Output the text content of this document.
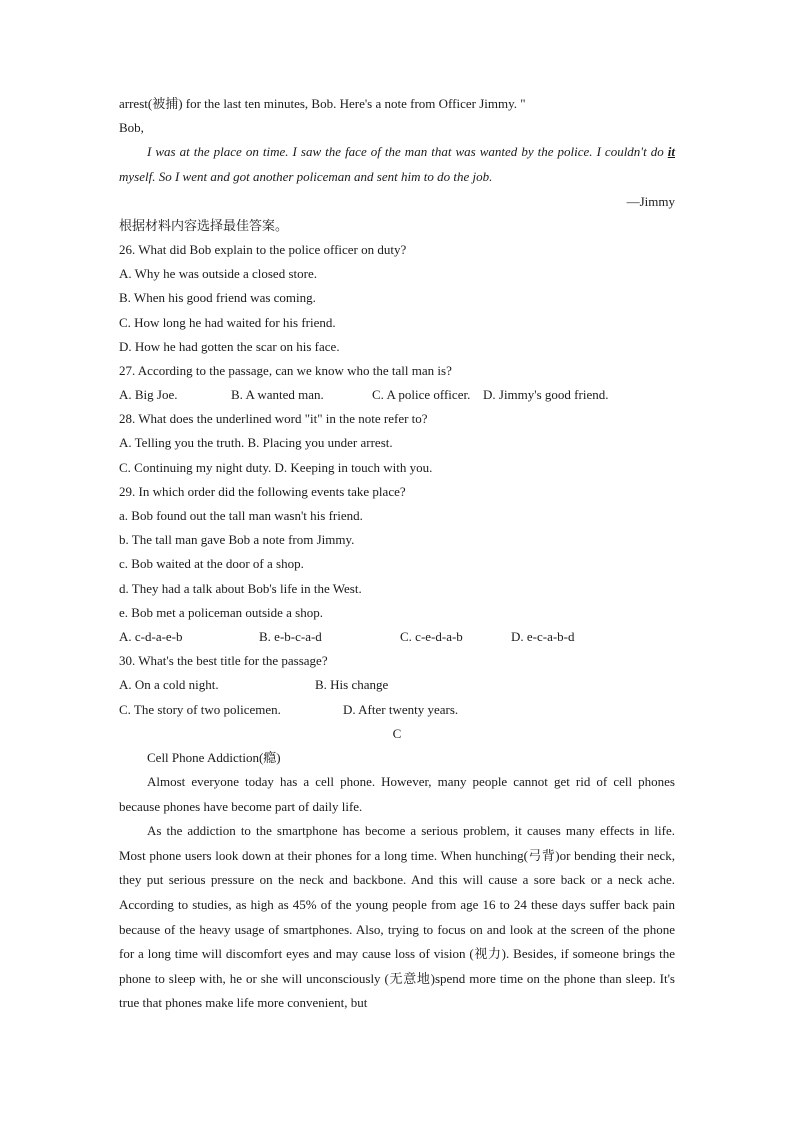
arrest(被捕) for the last ten minutes, Bob. Here's a note from Officer Jimmy. "
Bob,
I was at the place on time. I saw the face of the man that was wanted by the police. I couldn't do it myself. So I went and got another policeman and sent him to do the job.
—Jimmy
根据材料内容选择最佳答案。
26. What did Bob explain to the police officer on duty?
A. Why he was outside a closed store.
B. When his good friend was coming.
C. How long he had waited for his friend.
D. How he had gotten the scar on his face.
27. According to the passage, can we know who the tall man is?
A. Big Joe.	B. A wanted man.	C. A police officer. D. Jimmy's good friend.
28. What does the underlined word "it" in the note refer to?
A. Telling you the truth. B. Placing you under arrest.
C. Continuing my night duty. D. Keeping in touch with you.
29. In which order did the following events take place?
a. Bob found out the tall man wasn't his friend.
b. The tall man gave Bob a note from Jimmy.
c. Bob waited at the door of a shop.
d. They had a talk about Bob's life in the West.
e. Bob met a policeman outside a shop.
A. c-d-a-e-b	B. e-b-c-a-d	C. c-e-d-a-b	D. e-c-a-b-d
30. What's the best title for the passage?
A. On a cold night.	B. His change
C. The story of two policemen.	D. After twenty years.
C
Cell Phone Addiction(瘾)
Almost everyone today has a cell phone. However, many people cannot get rid of cell phones because phones have become part of daily life.
As the addiction to the smartphone has become a serious problem, it causes many effects in life. Most phone users look down at their phones for a long time. When hunching(弓背)or bending their neck, they put serious pressure on the neck and backbone. And this will cause a sore back or a neck ache. According to studies, as high as 45% of the young people from age 16 to 24 these days suffer back pain because of the heavy usage of smartphones. Also, trying to focus on and look at the screen of the phone for a long time will discomfort eyes and may cause loss of vision (视力). Besides, if someone brings the phone to sleep with, he or she will unconsciously (无意地)spend more time on the phone than sleep. It's true that phones make life more convenient, but
